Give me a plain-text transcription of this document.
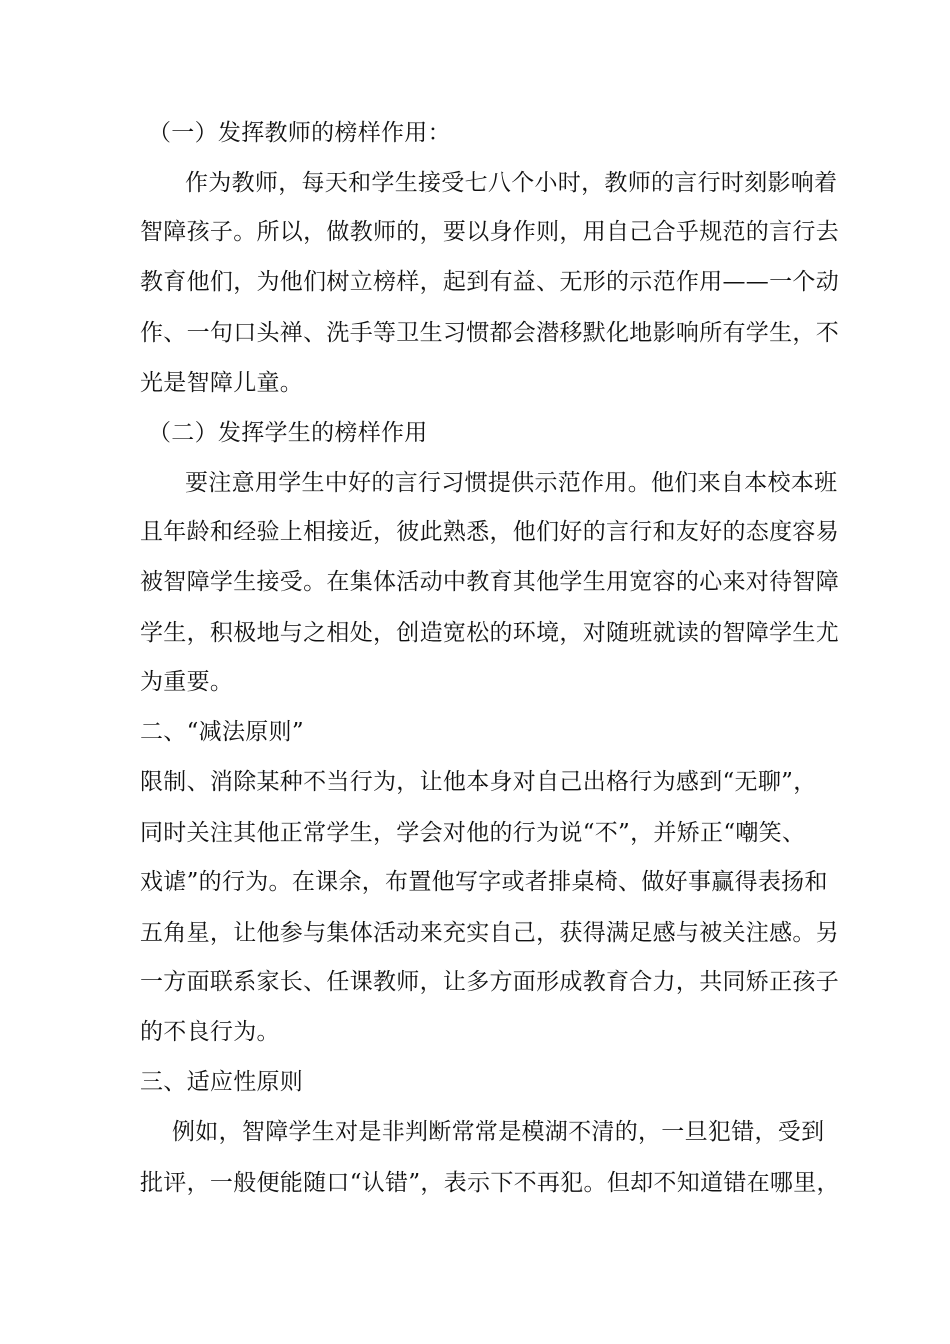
（一）发挥教师的榜样作用：
作为教师，每天和学生接受七八个小时，教师的言行时刻影响着
智障孩子。所以，做教师的，要以身作则，用自己合乎规范的言行去
教育他们，为他们树立榜样，起到有益、无形的示范作用——一个动
作、一句口头禅、洗手等卫生习惯都会潜移默化地影响所有学生，不
光是智障儿童。
（二）发挥学生的榜样作用
要注意用学生中好的言行习惯提供示范作用。他们来自本校本班
且年龄和经验上相接近，彼此熟悉，他们好的言行和友好的态度容易
被智障学生接受。在集体活动中教育其他学生用宽容的心来对待智障
学生，积极地与之相处，创造宽松的环境，对随班就读的智障学生尤
为重要。
二、“减法原则”
限制、消除某种不当行为，让他本身对自己出格行为感到“无聊”，
同时关注其他正常学生，学会对他的行为说“不”，并矫正“嘲笑、
戏谑”的行为。在课余，布置他写字或者排桌椅、做好事赢得表扬和
五角星，让他参与集体活动来充实自己，获得满足感与被关注感。另
一方面联系家长、任课教师，让多方面形成教育合力，共同矫正孩子
的不良行为。
三、适应性原则
例如，智障学生对是非判断常常是模湖不清的，一旦犯错，受到
批评，一般便能随口“认错”，表示下不再犯。但却不知道错在哪里，
